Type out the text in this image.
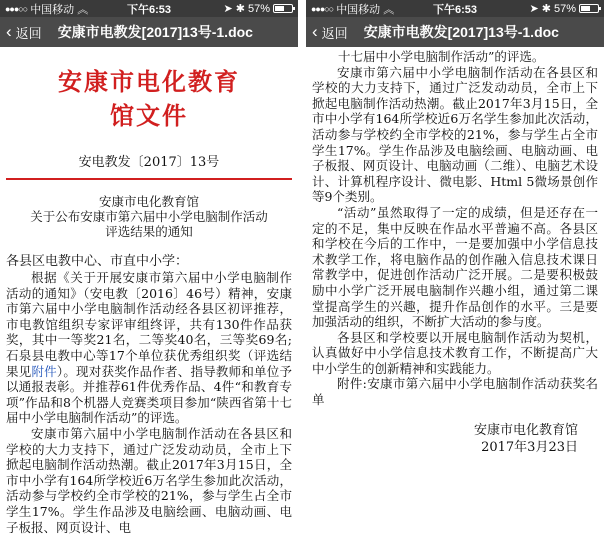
●●●○○ 中国移动 ︽	下午6:53	➤ ✱ 57%
‹ 返回 安康市电教发[2017]13号-1.doc
安康市电化教育
馆文件
安电教发〔2017〕13号
安康市电化教育馆
关于公布安康市第六届中小学电脑制作活动
评选结果的通知
各县区电教中心、市直中小学：
根据《关于开展安康市第六届中小学电脑制作活动的通知》（安电教〔2016〕46号）精神，安康市第六届中小学电脑制作活动经各县区初评推荐，市电教馆组织专家评审组终评，共有130件作品获奖，其中一等奖21名，二等奖40名，三等奖69名;石泉县电教中心等17个单位获优秀组织奖（评选结果见附件）。现对获奖作品作者、指导教师和单位予以通报表彰。并推荐61件优秀作品、4件“和教育专项”作品和8个机器人竞赛类项目参加“陕西省第十七届中小学电脑制作活动”的评选。
安康市第六届中小学电脑制作活动在各县区和学校的大力支持下，通过广泛发动动员，全市上下掀起电脑制作活动热潮。截止2017年3月15日，全市中小学有164所学校近6万名学生参加此次活动，活动参与学校约全市学校的21%，参与学生占全市学生17%。学生作品涉及电脑绘画、电脑动画、电子板报、网页设计、电
●●●○○ 中国移动 ︽	下午6:53	➤ ✱ 57%
‹ 返回 安康市电教发[2017]13号-1.doc
十七届中小学电脑制作活动”的评选。
安康市第六届中小学电脑制作活动在各县区和学校的大力支持下，通过广泛发动动员，全市上下掀起电脑制作活动热潮。截止2017年3月15日，全市中小学有164所学校近6万名学生参加此次活动，活动参与学校约全市学校的21%，参与学生占全市学生17%。学生作品涉及电脑绘画、电脑动画、电子板报、网页设计、电脑动画（二维）、电脑艺术设计、计算机程序设计、微电影、Html 5微场景创作等9个类别。
“活动”虽然取得了一定的成绩，但是还存在一定的不足，集中反映在作品水平普遍不高。各县区和学校在今后的工作中，一是要加强中小学信息技术教学工作，将电脑作品的创作融入信息技术课日常教学中，促进创作活动广泛开展。二是要积极鼓励中小学广泛开展电脑制作兴趣小组，通过第二课堂提高学生的兴趣，提升作品创作的水平。三是要加强活动的组织，不断扩大活动的参与度。
各县区和学校要以开展电脑制作活动为契机，认真做好中小学信息技术教育工作，不断提高广大中小学生的创新精神和实践能力。
附件:安康市第六届中小学电脑制作活动获奖名单
安康市电化教育馆
2017年3月23日
